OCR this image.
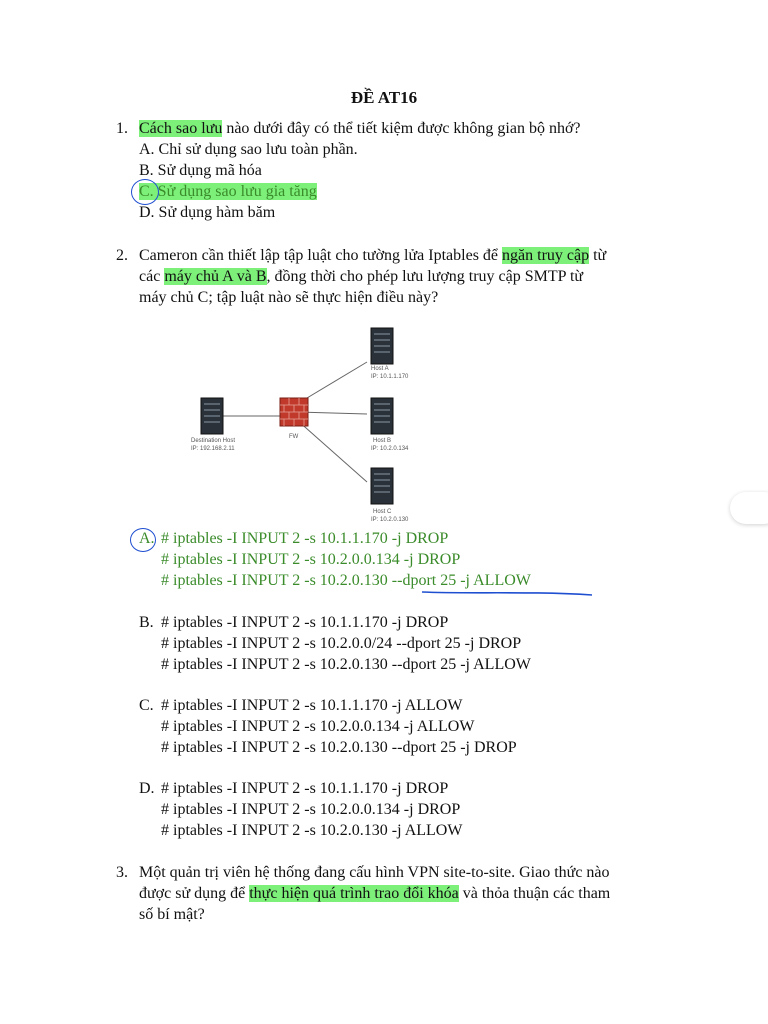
ĐỀ AT16
1. Cách sao lưu nào dưới đây có thể tiết kiệm được không gian bộ nhớ?
A. Chỉ sử dụng sao lưu toàn phần.
B. Sử dụng mã hóa
C. Sử dụng sao lưu gia tăng
D. Sử dụng hàm băm
2. Cameron cần thiết lập tập luật cho tường lửa Iptables để ngăn truy cập từ
các máy chủ A và B, đồng thời cho phép lưu lượng truy cập SMTP từ
máy chủ C; tập luật nào sẽ thực hiện điều này?
Host A
IP: 10.1.1.170
Host B
IP: 10.2.0.134
Host C
IP: 10.2.0.130
Destination Host
IP: 192.168.2.11
FW
A. # iptables -I INPUT 2 -s 10.1.1.170 -j DROP
# iptables -I INPUT 2 -s 10.2.0.0.134 -j DROP
# iptables -I INPUT 2 -s 10.2.0.130 --dport 25 -j ALLOW
B. # iptables -I INPUT 2 -s 10.1.1.170 -j DROP
# iptables -I INPUT 2 -s 10.2.0.0/24 --dport 25 -j DROP
# iptables -I INPUT 2 -s 10.2.0.130 --dport 25 -j ALLOW
C. # iptables -I INPUT 2 -s 10.1.1.170 -j ALLOW
# iptables -I INPUT 2 -s 10.2.0.0.134 -j ALLOW
# iptables -I INPUT 2 -s 10.2.0.130 --dport 25 -j DROP
D. # iptables -I INPUT 2 -s 10.1.1.170 -j DROP
# iptables -I INPUT 2 -s 10.2.0.0.134 -j DROP
# iptables -I INPUT 2 -s 10.2.0.130 -j ALLOW
3. Một quản trị viên hệ thống đang cấu hình VPN site-to-site. Giao thức nào
được sử dụng để thực hiện quá trình trao đổi khóa và thỏa thuận các tham
số bí mật?
